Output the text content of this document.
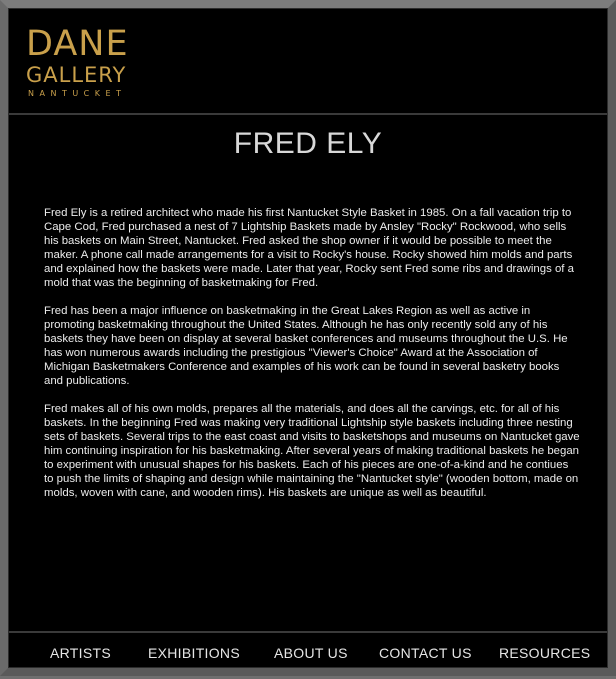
DANE
GALLERY
NANTUCKET
FRED ELY

Fred Ely is a retired architect who made his first Nantucket Style Basket in 1985. On a fall vacation trip to Cape Cod, Fred purchased a nest of 7 Lightship Baskets made by Ansley "Rocky" Rockwood, who sells his baskets on Main Street, Nantucket. Fred asked the shop owner if it would be possible to meet the maker. A phone call made arrangements for a visit to Rocky's house. Rocky showed him molds and parts and explained how the baskets were made. Later that year, Rocky sent Fred some ribs and drawings of a mold that was the beginning of basketmaking for Fred.

Fred has been a major influence on basketmaking in the Great Lakes Region as well as active in promoting basketmaking throughout the United States. Although he has only recently sold any of his baskets they have been on display at several basket conferences and museums throughout the U.S. He has won numerous awards including the prestigious "Viewer's Choice" Award at the Association of Michigan Basketmakers Conference and examples of his work can be found in several basketry books and publications.

Fred makes all of his own molds, prepares all the materials, and does all the carvings, etc. for all of his baskets. In the beginning Fred was making very traditional Lightship style baskets including three nesting sets of baskets. Several trips to the east coast and visits to basketshops and museums on Nantucket gave him continuing inspiration for his basketmaking. After several years of making traditional baskets he began to experiment with unusual shapes for his baskets. Each of his pieces are one-of-a-kind and he contiues to push the limits of shaping and design while maintaining the "Nantucket style" (wooden bottom, made on molds, woven with cane, and wooden rims). His baskets are unique as well as beautiful.

ARTISTS	EXHIBITIONS ABOUT US CONTACT US RESOURCES
